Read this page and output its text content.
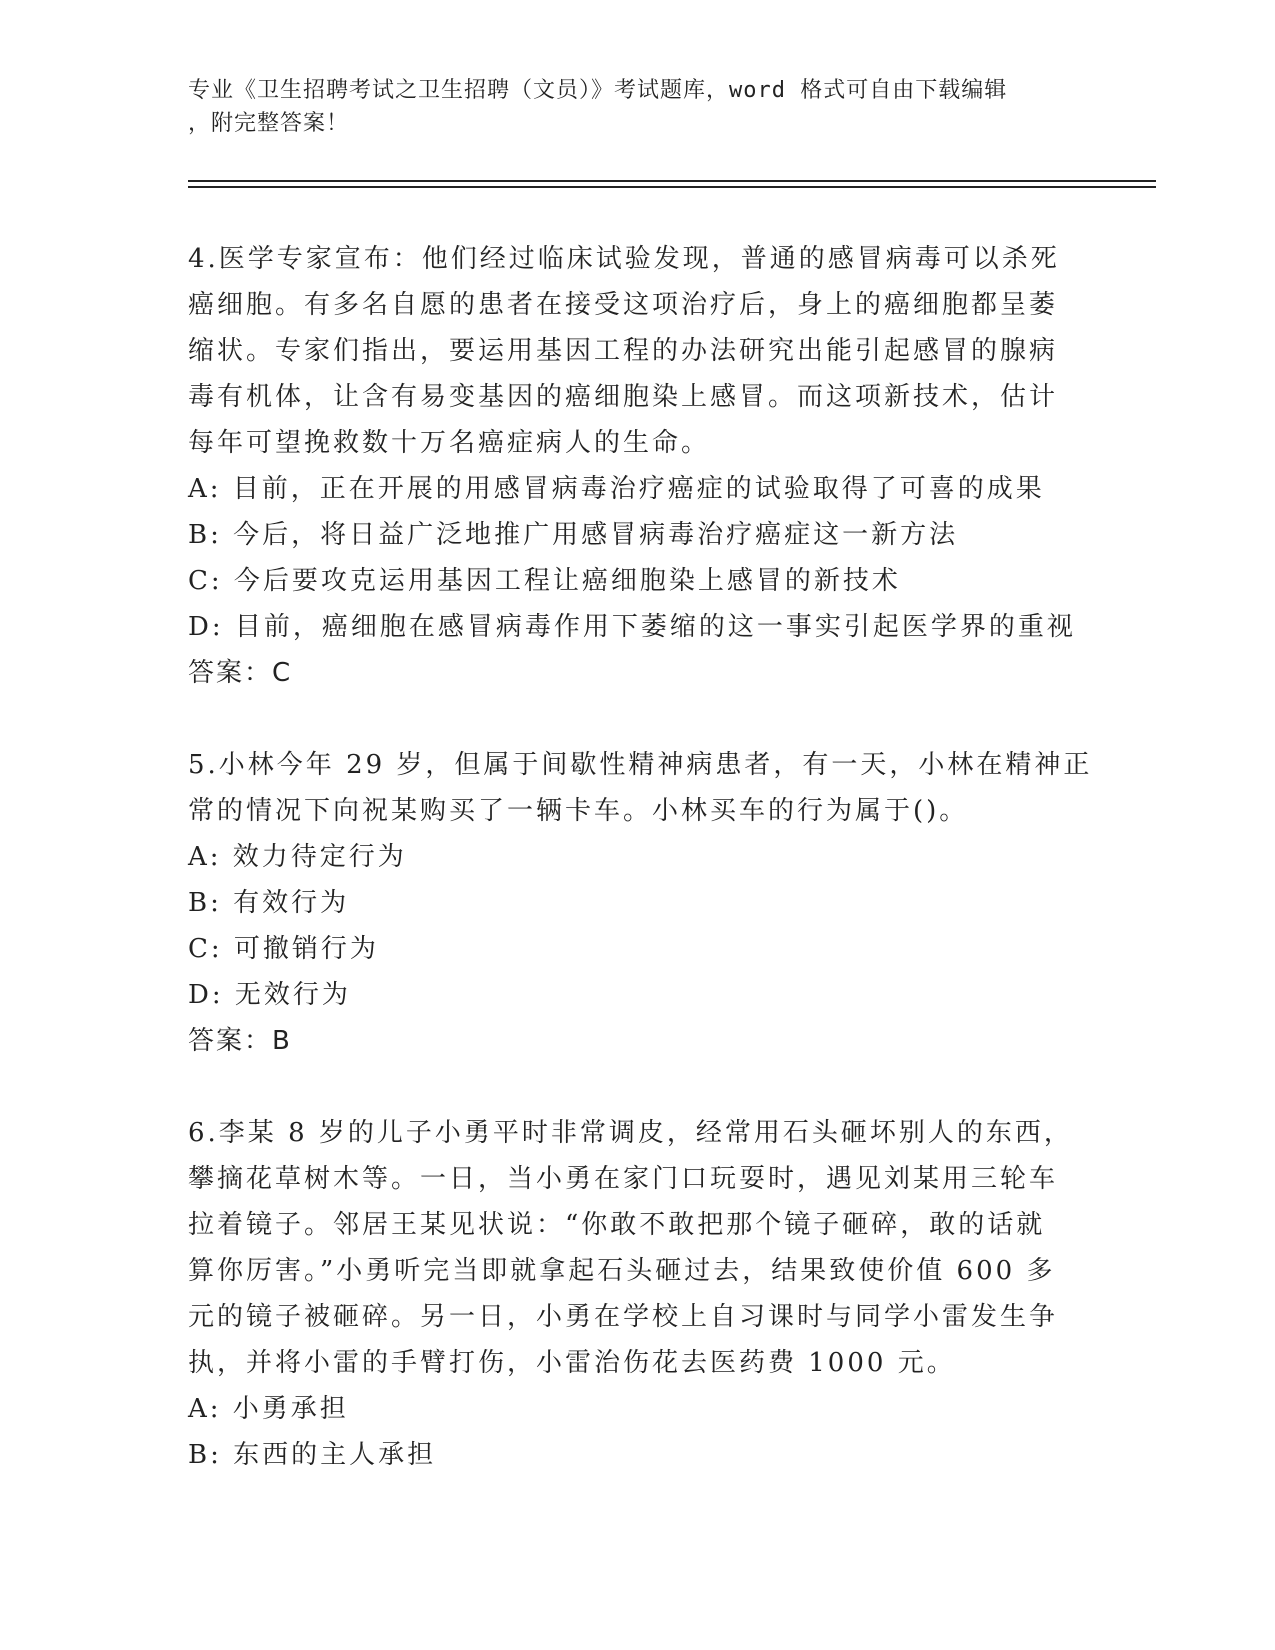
专业《卫生招聘考试之卫生招聘（文员）》考试题库，word 格式可自由下载编辑
，附完整答案！
4.医学专家宣布：他们经过临床试验发现，普通的感冒病毒可以杀死
癌细胞。有多名自愿的患者在接受这项治疗后，身上的癌细胞都呈萎
缩状。专家们指出，要运用基因工程的办法研究出能引起感冒的腺病
毒有机体，让含有易变基因的癌细胞染上感冒。而这项新技术，估计
每年可望挽救数十万名癌症病人的生命。
A: 目前，正在开展的用感冒病毒治疗癌症的试验取得了可喜的成果
B: 今后，将日益广泛地推广用感冒病毒治疗癌症这一新方法
C: 今后要攻克运用基因工程让癌细胞染上感冒的新技术
D: 目前，癌细胞在感冒病毒作用下萎缩的这一事实引起医学界的重视
答案：C
5.小林今年 29 岁，但属于间歇性精神病患者，有一天，小林在精神正
常的情况下向祝某购买了一辆卡车。小林买车的行为属于()。
A: 效力待定行为
B: 有效行为
C: 可撤销行为
D: 无效行为
答案：B
6.李某 8 岁的儿子小勇平时非常调皮，经常用石头砸坏别人的东西，
攀摘花草树木等。一日，当小勇在家门口玩耍时，遇见刘某用三轮车
拉着镜子。邻居王某见状说：“你敢不敢把那个镜子砸碎，敢的话就
算你厉害。”小勇听完当即就拿起石头砸过去，结果致使价值 600 多
元的镜子被砸碎。另一日，小勇在学校上自习课时与同学小雷发生争
执，并将小雷的手臂打伤，小雷治伤花去医药费 1000 元。
A: 小勇承担
B: 东西的主人承担
